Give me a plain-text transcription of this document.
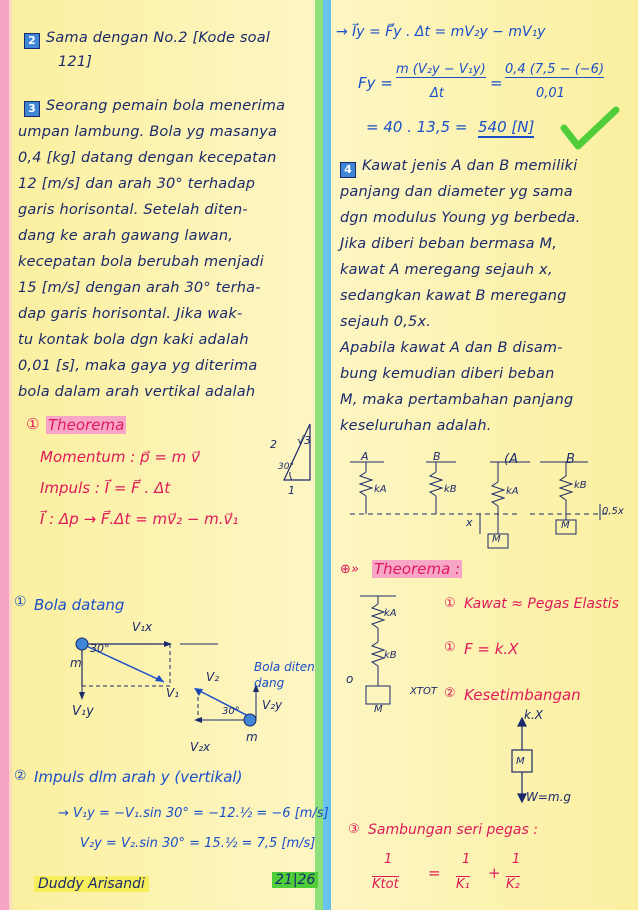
2 Sama dengan No.2 [Kode soal
121]
3 Seorang pemain bola menerima
umpan lambung. Bola yg masanya
0,4 [kg] datang dengan kecepatan
12 [m/s] dan arah 30° terhadap
garis horisontal. Setelah diten-
dang ke arah gawang lawan,
kecepatan bola berubah menjadi
15 [m/s] dengan arah 30° terha-
dap garis horisontal. Jika wak-
tu kontak bola dgn kaki adalah
0,01 [s], maka gaya yg diterima
bola dalam arah vertikal adalah
① Theorema
Momentum : p⃗ = m v⃗
Impuls : I⃗ = F⃗ . Δt
I⃗ : Δp → F⃗.Δt = mv⃗₂ − m.v⃗₁
2 √3
1
30°
① Bola datang
V₁x
30°
m
V₁
V₁y
Bola diten
dang
V₂
30° V₂y
V₂x
m
② Impuls dlm arah y (vertikal)
→ V₁y = −V₁.sin 30° = −12.½ = −6 [m/s]
V₂y = V₂.sin 30° = 15.½ = 7,5 [m/s]
Duddy Arisandi	21|26
→ I⃗y = F⃗y . Δt = mV₂y − mV₁y
Fy =
m (V₂y − V₁y)
Δt
=
0,4 (7,5 − (−6)
0,01
= 40 . 13,5 = 540 [N]
4 Kawat jenis A dan B memiliki
panjang dan diameter yg sama
dgn modulus Young yg berbeda.
Jika diberi beban bermasa M,
kawat A meregang sejauh x,
sedangkan kawat B meregang
sejauh 0,5x.
Apabila kawat A dan B disam-
bung kemudian diberi beban
M, maka pertambahan panjang
keseluruhan adalah.
A	B	(A	B
kA	kB	kA
kB
x
0,5x
M
M
⊕» Theorema :
kA
kB
o
XTOT
M
① Kawat ≈ Pegas Elastis
① F = k.X
② Kesetimbangan
k.X
M
W=m.g
③ Sambungan seri pegas :
1
Ktot
=
1
K₁
+
1
K₂
